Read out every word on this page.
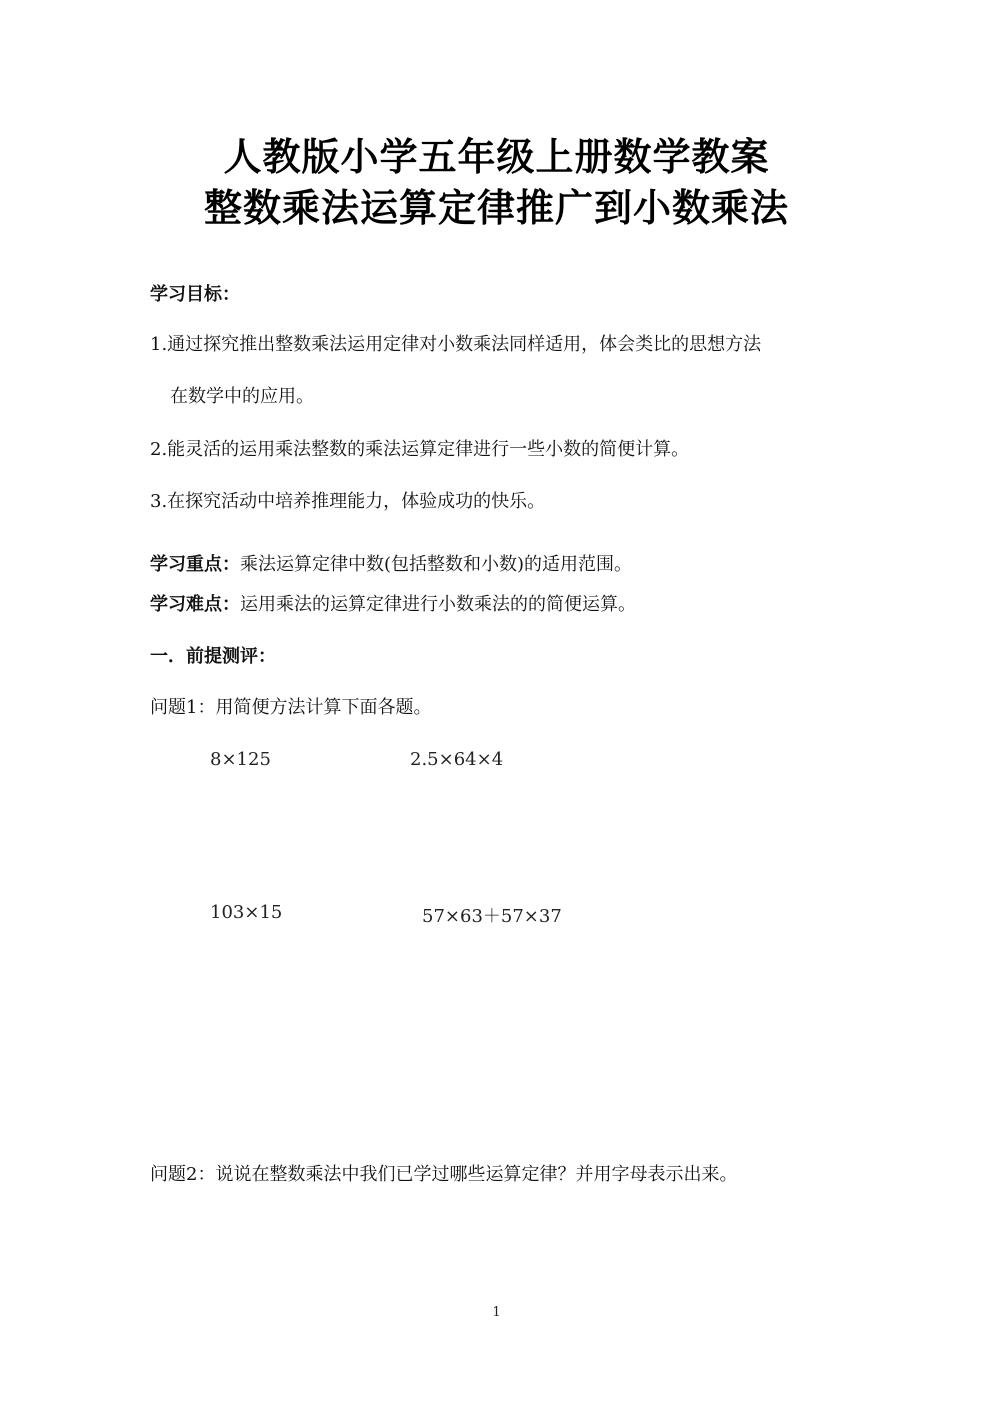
人教版小学五年级上册数学教案
整数乘法运算定律推广到小数乘法
学习目标：
1.通过探究推出整数乘法运用定律对小数乘法同样适用，体会类比的思想方法
在数学中的应用。
2.能灵活的运用乘法整数的乘法运算定律进行一些小数的简便计算。
3.在探究活动中培养推理能力，体验成功的快乐。
学习重点：乘法运算定律中数(包括整数和小数)的适用范围。
学习难点：运用乘法的运算定律进行小数乘法的的简便运算。
一．前提测评：
问题1：用简便方法计算下面各题。
8×125	2.5×64×4
103×15	57×63＋57×37
问题2：说说在整数乘法中我们已学过哪些运算定律？并用字母表示出来。
1
